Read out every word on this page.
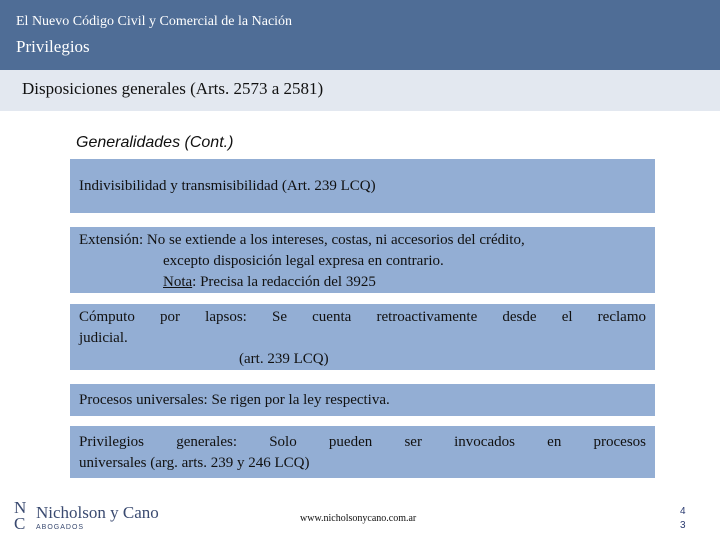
El Nuevo Código Civil y Comercial de la Nación
Privilegios
Disposiciones generales (Arts. 2573 a 2581)
Generalidades (Cont.)
Indivisibilidad y transmisibilidad (Art. 239 LCQ)
Extensión: No se extiende a los intereses, costas, ni accesorios del crédito,
excepto disposición legal expresa en contrario.
Nota: Precisa la redacción del 3925
Cómputo por lapsos: Se cuenta retroactivamente desde el reclamo
judicial.
(art. 239 LCQ)
Procesos universales: Se rigen por la ley respectiva.
Privilegios generales: Solo pueden ser invocados en procesos
universales (arg. arts. 239 y 246 LCQ)
N
C
Nicholson y Cano
ABOGADOS
www.nicholsonycano.com.ar
4
3
